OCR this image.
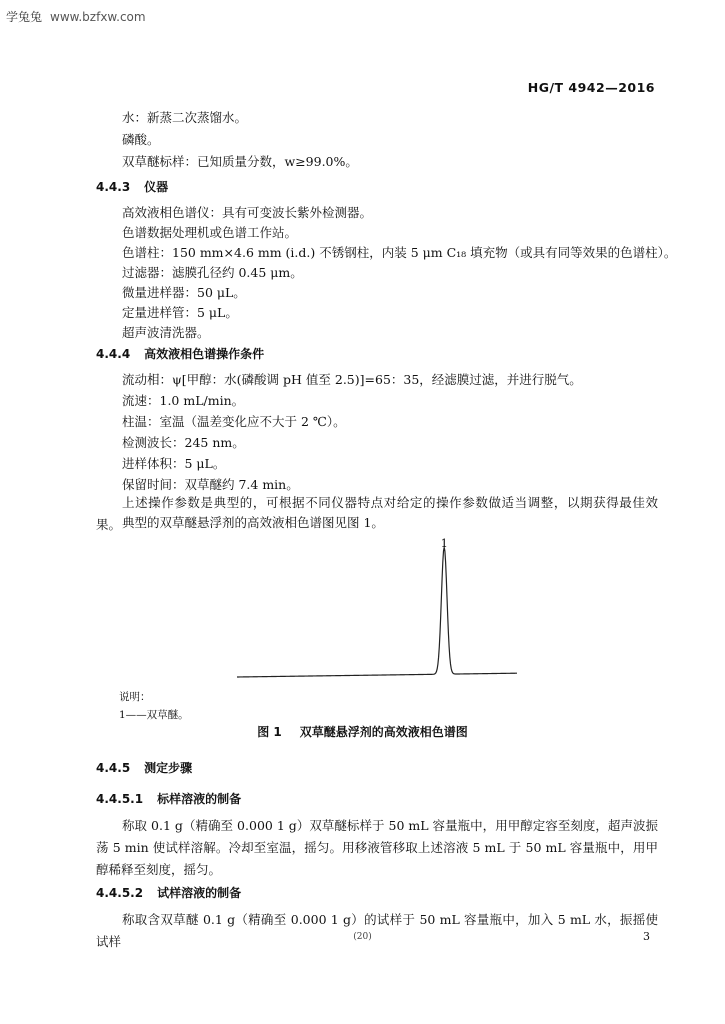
学兔兔 www.bzfxw.com
HG/T 4942—2016
水：新蒸二次蒸馏水。
磷酸。
双草醚标样：已知质量分数，w≥99.0%。
4.4.3 仪器
高效液相色谱仪：具有可变波长紫外检测器。
色谱数据处理机或色谱工作站。
色谱柱：150 mm×4.6 mm (i.d.) 不锈钢柱，内装 5 μm C₁₈ 填充物（或具有同等效果的色谱柱）。
过滤器：滤膜孔径约 0.45 μm。
微量进样器：50 μL。
定量进样管：5 μL。
超声波清洗器。
4.4.4 高效液相色谱操作条件
流动相：ψ[甲醇：水(磷酸调 pH 值至 2.5)]=65：35，经滤膜过滤，并进行脱气。
流速：1.0 mL/min。
柱温：室温（温差变化应不大于 2 ℃）。
检测波长：245 nm。
进样体积：5 μL。
保留时间：双草醚约 7.4 min。
上述操作参数是典型的，可根据不同仪器特点对给定的操作参数做适当调整，以期获得最佳效果。 典型的双草醚悬浮剂的高效液相色谱图见图 1。
1
说明：
1——双草醚。
图 1 双草醚悬浮剂的高效液相色谱图
4.4.5 测定步骤
4.4.5.1 标样溶液的制备
称取 0.1 g（精确至 0.000 1 g）双草醚标样于 50 mL 容量瓶中，用甲醇定容至刻度，超声波振荡 5 min 使试样溶解。冷却至室温，摇匀。用移液管移取上述溶液 5 mL 于 50 mL 容量瓶中，用甲醇稀释至刻度，摇匀。
4.4.5.2 试样溶液的制备
称取含双草醚 0.1 g（精确至 0.000 1 g）的试样于 50 mL 容量瓶中，加入 5 mL 水，振摇使试样	(20)	3
